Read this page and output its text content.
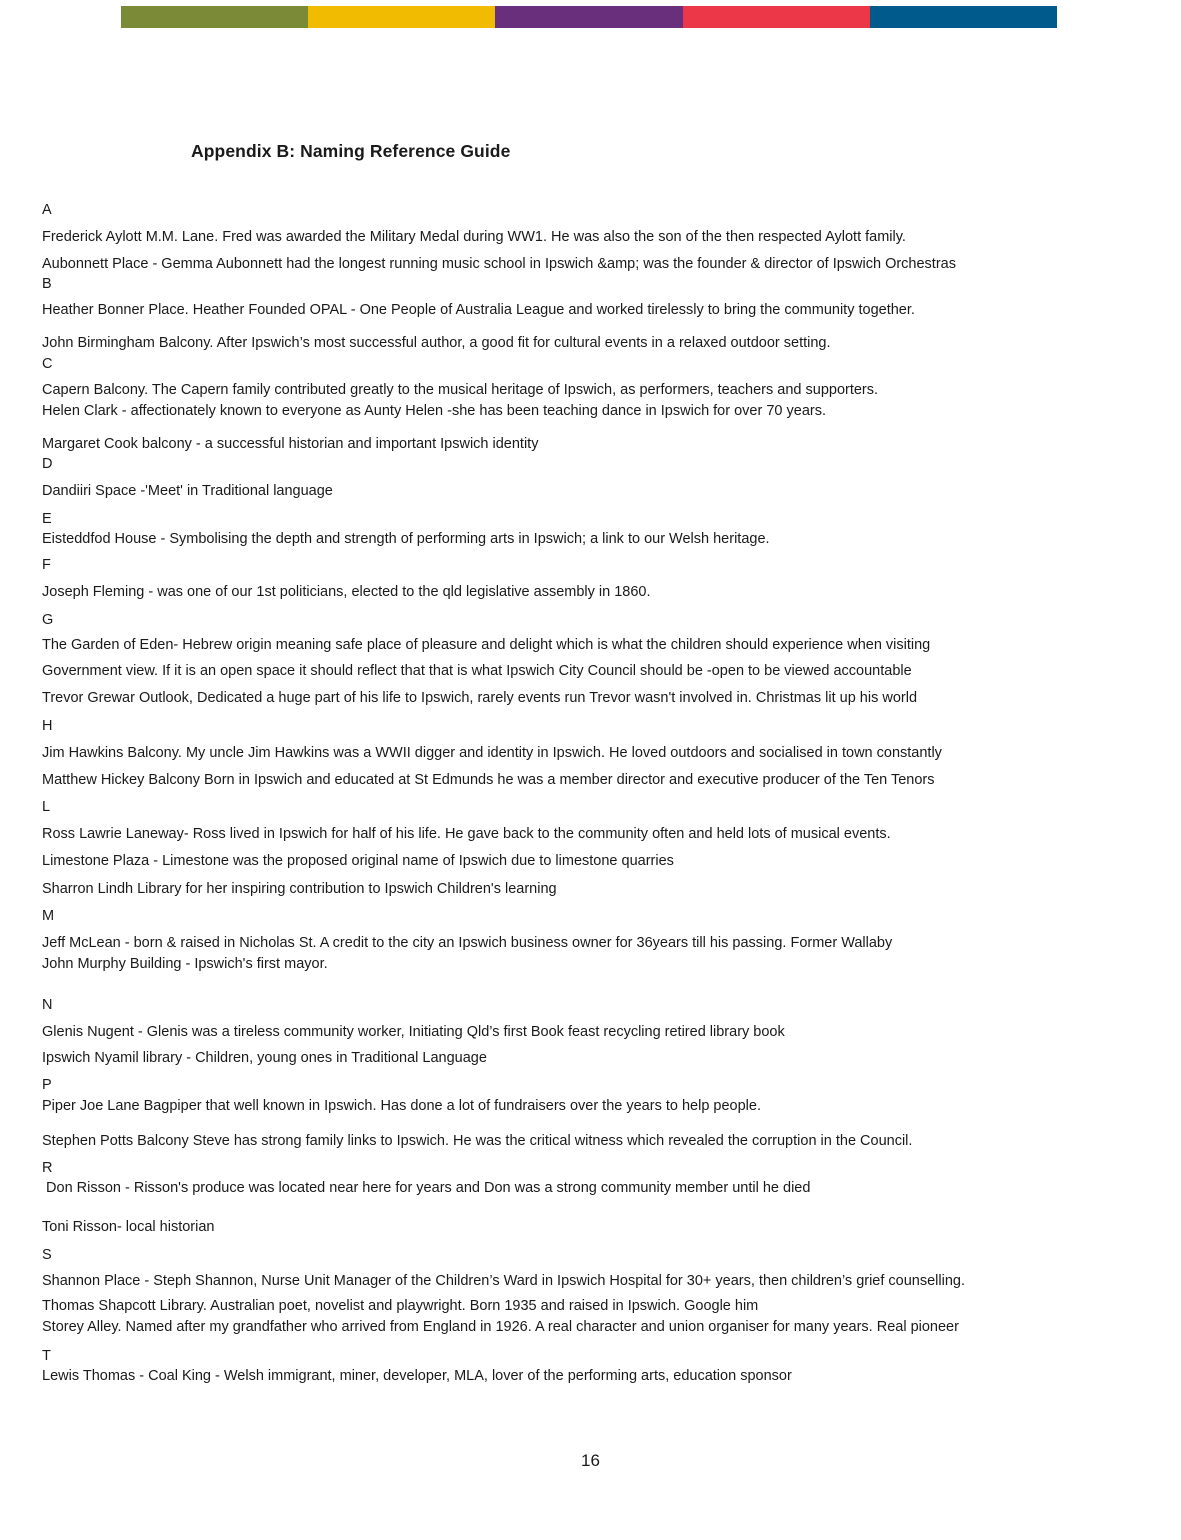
Appendix B: Naming Reference Guide
A
Frederick Aylott M.M. Lane. Fred was awarded the Military Medal during WW1. He was also the son of the then respected Aylott family.
Aubonnett Place - Gemma Aubonnett had the longest running music school in Ipswich &amp; was the founder & director of Ipswich Orchestras
B
Heather Bonner Place. Heather Founded OPAL - One People of Australia League and worked tirelessly to bring the community together.
John Birmingham Balcony. After Ipswich’s most successful author, a good fit for cultural events in a relaxed outdoor setting.
C
Capern Balcony. The Capern family contributed greatly to the musical heritage of Ipswich, as performers, teachers and supporters.
Helen Clark - affectionately known to everyone as Aunty Helen -she has been teaching dance in Ipswich for over 70 years.
Margaret Cook balcony - a successful historian and important Ipswich identity
D
Dandiiri Space -'Meet' in Traditional language
E
Eisteddfod House - Symbolising the depth and strength of performing arts in Ipswich; a link to our Welsh heritage.
F
Joseph Fleming - was one of our 1st politicians, elected to the qld legislative assembly in 1860.
G
The Garden of Eden- Hebrew origin meaning safe place of pleasure and delight which is what the children should experience when visiting
Government view. If it is an open space it should reflect that that is what Ipswich City Council should be -open to be viewed accountable
Trevor Grewar Outlook, Dedicated a huge part of his life to Ipswich, rarely events run Trevor wasn't involved in. Christmas lit up his world
H
Jim Hawkins Balcony. My uncle Jim Hawkins was a WWII digger and identity in Ipswich. He loved outdoors and socialised in town constantly
Matthew Hickey Balcony Born in Ipswich and educated at St Edmunds he was a member director and executive producer of the Ten Tenors
L
Ross Lawrie Laneway- Ross lived in Ipswich for half of his life. He gave back to the community often and held lots of musical events.
Limestone Plaza - Limestone was the proposed original name of Ipswich due to limestone quarries
Sharron Lindh Library for her inspiring contribution to Ipswich Children's learning
M
Jeff McLean - born & raised in Nicholas St. A credit to the city an Ipswich business owner for 36years till his passing. Former Wallaby
John Murphy Building - Ipswich's first mayor.
N
Glenis Nugent - Glenis was a tireless community worker, Initiating Qld’s first Book feast recycling retired library book
Ipswich Nyamil library - Children, young ones in Traditional Language
P
Piper Joe Lane Bagpiper that well known in Ipswich. Has done a lot of fundraisers over the years to help people.
Stephen Potts Balcony Steve has strong family links to Ipswich. He was the critical witness which revealed the corruption in the Council.
R
Don Risson - Risson's produce was located near here for years and Don was a strong community member until he died
Toni Risson- local historian
S
Shannon Place - Steph Shannon, Nurse Unit Manager of the Children’s Ward in Ipswich Hospital for 30+ years, then children’s grief counselling.
Thomas Shapcott Library. Australian poet, novelist and playwright. Born 1935 and raised in Ipswich. Google him
Storey Alley. Named after my grandfather who arrived from England in 1926. A real character and union organiser for many years. Real pioneer
T
Lewis Thomas - Coal King - Welsh immigrant, miner, developer, MLA, lover of the performing arts, education sponsor
16
